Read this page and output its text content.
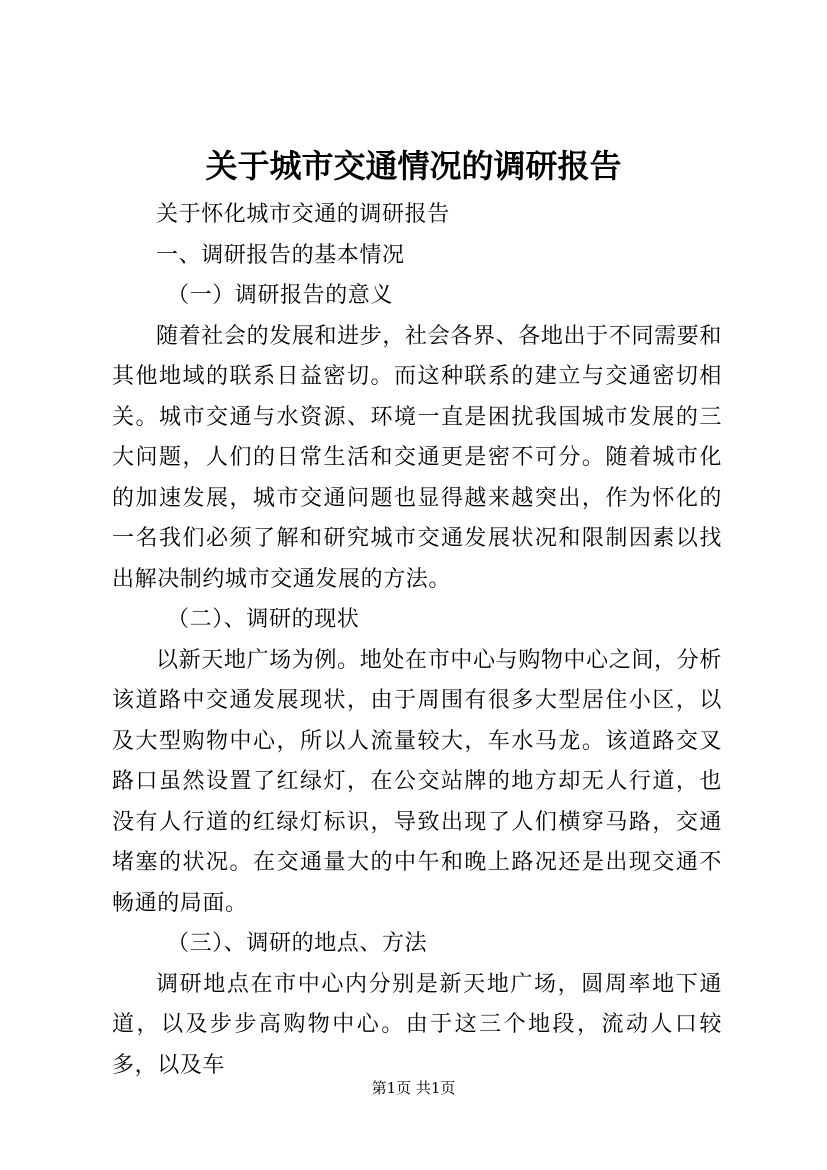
关于城市交通情况的调研报告

关于怀化城市交通的调研报告

一、调研报告的基本情况

（一）调研报告的意义

随着社会的发展和进步，社会各界、各地出于不同需要和其他地域的联系日益密切。而这种联系的建立与交通密切相关。城市交通与水资源、环境一直是困扰我国城市发展的三大问题，人们的日常生活和交通更是密不可分。随着城市化的加速发展，城市交通问题也显得越来越突出，作为怀化的一名我们必须了解和研究城市交通发展状况和限制因素以找出解决制约城市交通发展的方法。

（二）、调研的现状

以新天地广场为例。地处在市中心与购物中心之间，分析该道路中交通发展现状，由于周围有很多大型居住小区，以及大型购物中心，所以人流量较大，车水马龙。该道路交叉路口虽然设置了红绿灯，在公交站牌的地方却无人行道，也没有人行道的红绿灯标识，导致出现了人们横穿马路，交通堵塞的状况。在交通量大的中午和晚上路况还是出现交通不畅通的局面。

（三）、调研的地点、方法

调研地点在市中心内分别是新天地广场，圆周率地下通道，以及步步高购物中心。由于这三个地段，流动人口较多，以及车

第1页 共1页
